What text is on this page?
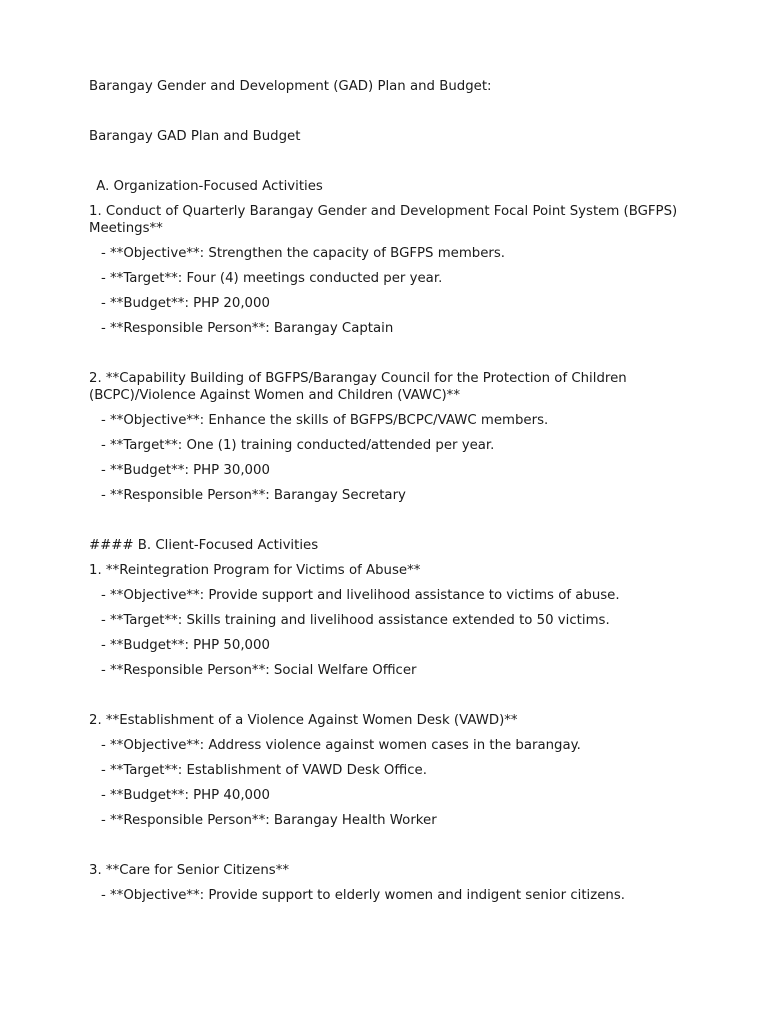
Barangay Gender and Development (GAD) Plan and Budget:

Barangay GAD Plan and Budget

A. Organization-Focused Activities

1. Conduct of Quarterly Barangay Gender and Development Focal Point System (BGFPS) Meetings**

- **Objective**: Strengthen the capacity of BGFPS members.

- **Target**: Four (4) meetings conducted per year.

- **Budget**: PHP 20,000

- **Responsible Person**: Barangay Captain

2. **Capability Building of BGFPS/Barangay Council for the Protection of Children (BCPC)/Violence Against Women and Children (VAWC)**

- **Objective**: Enhance the skills of BGFPS/BCPC/VAWC members.

- **Target**: One (1) training conducted/attended per year.

- **Budget**: PHP 30,000

- **Responsible Person**: Barangay Secretary

#### B. Client-Focused Activities

1. **Reintegration Program for Victims of Abuse**

- **Objective**: Provide support and livelihood assistance to victims of abuse.

- **Target**: Skills training and livelihood assistance extended to 50 victims.

- **Budget**: PHP 50,000

- **Responsible Person**: Social Welfare Officer

2. **Establishment of a Violence Against Women Desk (VAWD)**

- **Objective**: Address violence against women cases in the barangay.

- **Target**: Establishment of VAWD Desk Office.

- **Budget**: PHP 40,000

- **Responsible Person**: Barangay Health Worker

3. **Care for Senior Citizens**

- **Objective**: Provide support to elderly women and indigent senior citizens.
